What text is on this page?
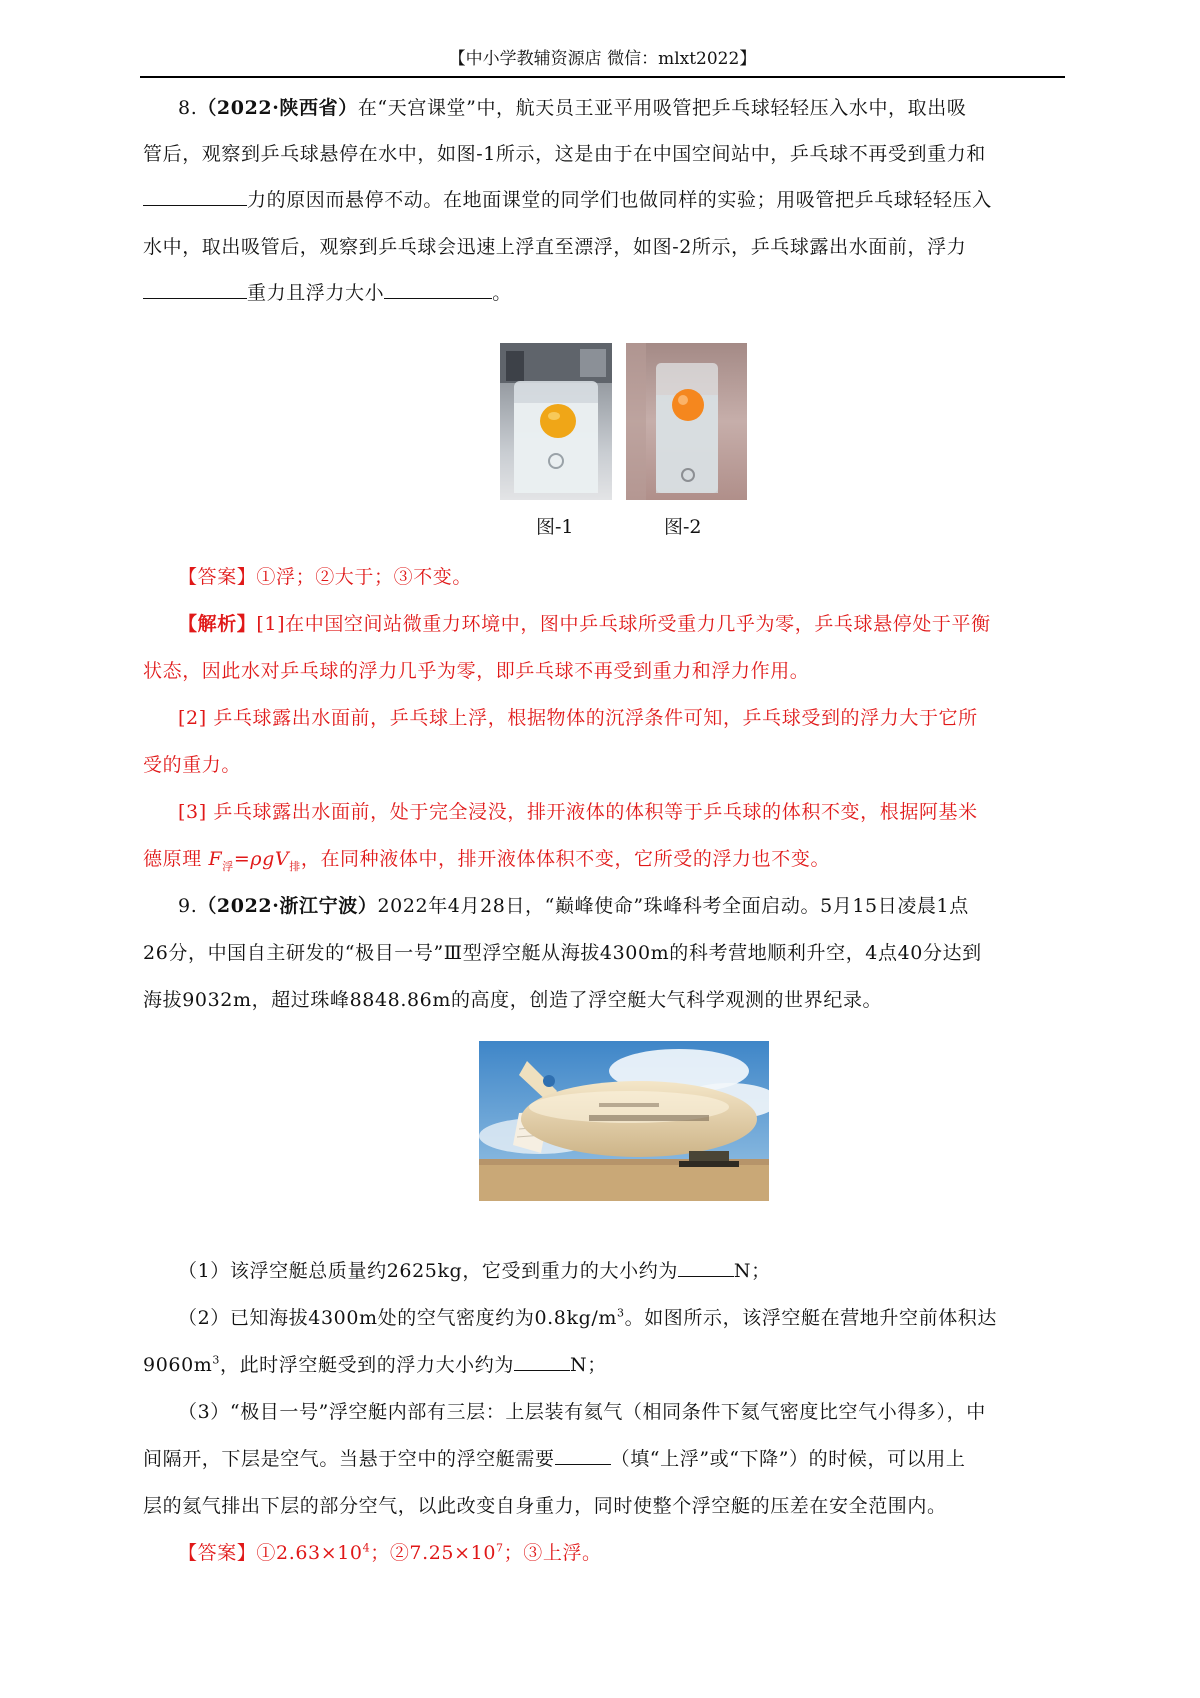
【中小学教辅资源店 微信：mlxt2022】
8.（2022·陕西省）在“天宫课堂”中，航天员王亚平用吸管把乒乓球轻轻压入水中，取出吸
管后，观察到乒乓球悬停在水中，如图-1所示，这是由于在中国空间站中，乒乓球不再受到重力和
力的原因而悬停不动。在地面课堂的同学们也做同样的实验；用吸管把乒乓球轻轻压入
水中，取出吸管后，观察到乒乓球会迅速上浮直至漂浮，如图-2所示，乒乓球露出水面前，浮力
重力且浮力大小	。
图-1	图-2
【答案】①浮；②大于；③不变。
【解析】[1]在中国空间站微重力环境中，图中乒乓球所受重力几乎为零，乒乓球悬停处于平衡
状态，因此水对乒乓球的浮力几乎为零，即乒乓球不再受到重力和浮力作用。
[2] 乒乓球露出水面前，乒乓球上浮，根据物体的沉浮条件可知，乒乓球受到的浮力大于它所
受的重力。
[3] 乒乓球露出水面前，处于完全浸没，排开液体的体积等于乒乓球的体积不变，根据阿基米
德原理 $F_浮=\rho gV_排$，在同种液体中，排开液体体积不变，它所受的浮力也不变。
9.（2022·浙江宁波）2022年4月28日，“巅峰使命”珠峰科考全面启动。5月15日凌晨1点
26分，中国自主研发的“极目一号”Ⅲ型浮空艇从海拔4300m的科考营地顺利升空，4点40分达到
海拔9032m，超过珠峰8848.86m的高度，创造了浮空艇大气科学观测的世界纪录。
（1）该浮空艇总质量约2625kg，它受到重力的大小约为	N；
（2）已知海拔4300m处的空气密度约为$0.8kg/m^3$。如图所示，该浮空艇在营地升空前体积达
$9060m^3$，此时浮空艇受到的浮力大小约为	N；
（3）“极目一号”浮空艇内部有三层：上层装有氦气（相同条件下氦气密度比空气小得多），中
间隔开，下层是空气。当悬于空中的浮空艇需要	（填“上浮”或“下降”）的时候，可以用上
层的氦气排出下层的部分空气，以此改变自身重力，同时使整个浮空艇的压差在安全范围内。
【答案】$①2.63\times 10^4$；$②7.25\times 10^7$；③上浮。
